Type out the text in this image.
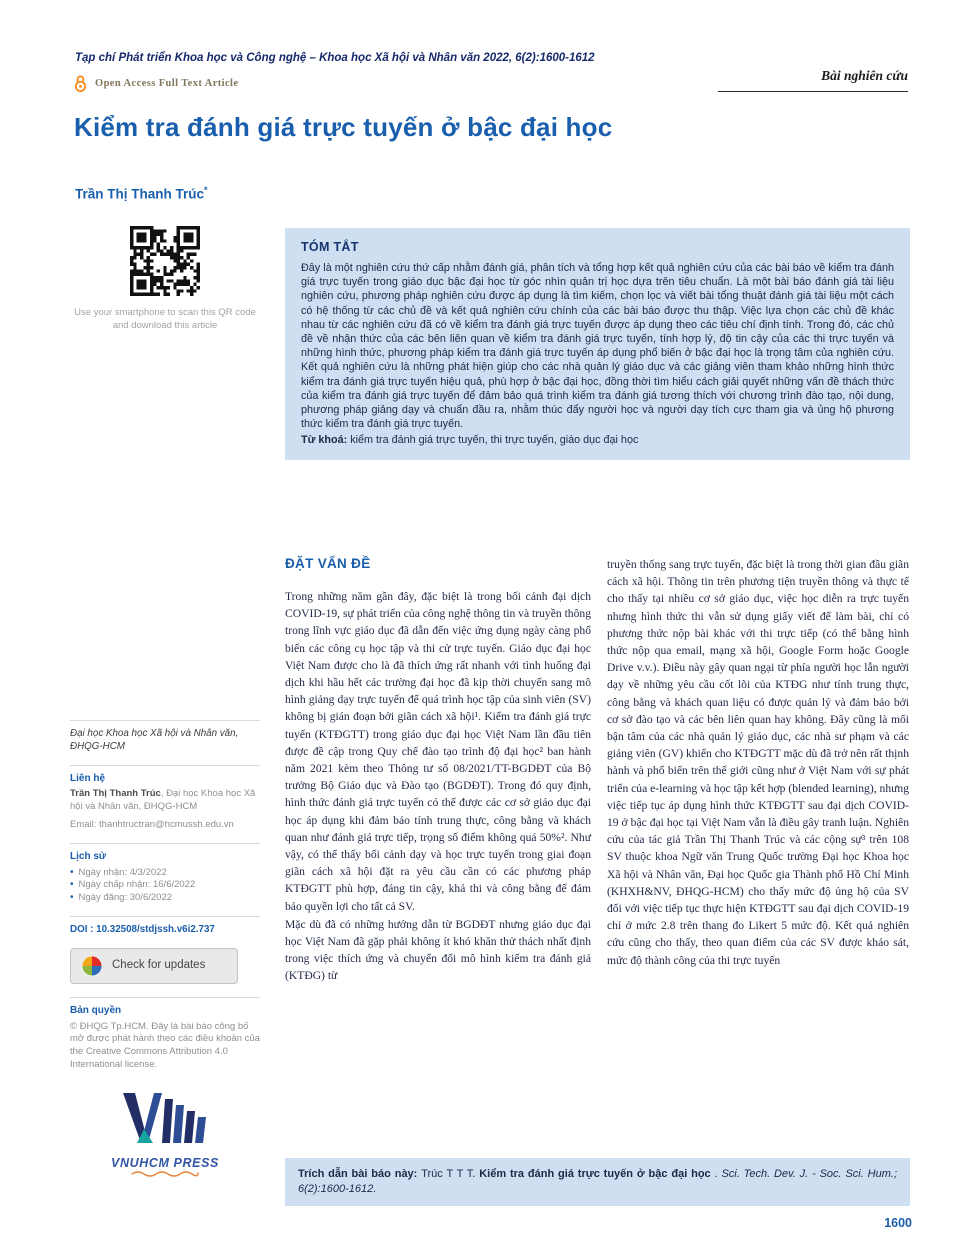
Tạp chí Phát triển Khoa học và Công nghệ – Khoa học Xã hội và Nhân văn 2022, 6(2):1600-1612
Open Access Full Text Article
Bài nghiên cứu
Kiểm tra đánh giá trực tuyến ở bậc đại học
Trần Thị Thanh Trúc*
Use your smartphone to scan this QR code and download this article
TÓM TẮT

Đây là một nghiên cứu thứ cấp nhằm đánh giá, phân tích và tổng hợp kết quả nghiên cứu của các bài báo về kiểm tra đánh giá trực tuyến trong giáo dục bậc đại học từ góc nhìn quản trị học dựa trên tiêu chuẩn. Là một bài báo đánh giá tài liệu nghiên cứu, phương pháp nghiên cứu được áp dụng là tìm kiếm, chọn lọc và viết bài tổng thuật đánh giá tài liệu một cách có hệ thống từ các chủ đề và kết quả nghiên cứu chính của các bài báo được thu thập. Việc lựa chọn các chủ đề khác nhau từ các nghiên cứu đã có về kiểm tra đánh giá trực tuyến được áp dụng theo các tiêu chí định tính. Trong đó, các chủ đề về nhận thức của các bên liên quan về kiểm tra đánh giá trực tuyến, tính hợp lý, độ tin cậy của các thi trực tuyến và những hình thức, phương pháp kiểm tra đánh giá trực tuyến áp dụng phổ biến ở bậc đại học là trọng tâm của nghiên cứu. Kết quả nghiên cứu là những phát hiện giúp cho các nhà quản lý giáo dục và các giảng viên tham khảo những hình thức kiểm tra đánh giá trực tuyến hiệu quả, phù hợp ở bậc đại học, đồng thời tìm hiểu cách giải quyết những vấn đề thách thức của kiểm tra đánh giá trực tuyến để đảm bảo quá trình kiểm tra đánh giá tương thích với chương trình đào tạo, nội dung, phương pháp giảng dạy và chuẩn đầu ra, nhằm thúc đẩy người học và người dạy tích cực tham gia và ủng hộ phương thức kiểm tra đánh giá trực tuyến.

Từ khoá: kiểm tra đánh giá trực tuyến, thi trực tuyến, giáo dục đại học
Đại học Khoa học Xã hội và Nhân văn, ĐHQG-HCM
Liên hệ
Trần Thị Thanh Trúc, Đại học Khoa học Xã hội và Nhân văn, ĐHQG-HCM
Email: thanhtructran@hcmussh.edu.vn
Lịch sử
• Ngày nhận: 4/3/2022
• Ngày chấp nhận: 16/6/2022
• Ngày đăng: 30/6/2022
DOI : 10.32508/stdjssh.v6i2.737
Check for updates
Bản quyền
© ĐHQG Tp.HCM. Đây là bài báo công bố mở được phát hành theo các điều khoản của the Creative Commons Attribution 4.0 International license.
VNUHCM PRESS
ĐẶT VẤN ĐỀ

Trong những năm gần đây, đặc biệt là trong bối cảnh đại dịch COVID-19, sự phát triển của công nghệ thông tin và truyền thông trong lĩnh vực giáo dục đã dẫn đến việc ứng dụng ngày càng phổ biến các công cụ học tập và thi cử trực tuyến. Giáo dục đại học Việt Nam được cho là đã thích ứng rất nhanh với tình huống đại dịch khi hầu hết các trường đại học đã kịp thời chuyển sang mô hình giảng dạy trực tuyến để quá trình học tập của sinh viên (SV) không bị gián đoạn bởi giãn cách xã hội¹. Kiểm tra đánh giá trực tuyến (KTĐGTT) trong giáo dục đại học Việt Nam lần đầu tiên được đề cập trong Quy chế đào tạo trình độ đại học² ban hành năm 2021 kèm theo Thông tư số 08/2021/TT-BGDĐT của Bộ trưởng Bộ Giáo dục và Đào tạo (BGDĐT). Trong đó quy định, hình thức đánh giá trực tuyến có thể được các cơ sở giáo dục đại học áp dụng khi đảm bảo tính trung thực, công bằng và khách quan như đánh giá trực tiếp, trọng số điểm không quá 50%². Như vậy, có thể thấy bối cảnh dạy và học trực tuyến trong giai đoạn giãn cách xã hội đặt ra yêu cầu cần có các phương pháp KTĐGTT phù hợp, đáng tin cậy, khả thi và công bằng để đảm bảo quyền lợi cho tất cả SV.

Mặc dù đã có những hướng dẫn từ BGDĐT nhưng giáo dục đại học Việt Nam đã gặp phải không ít khó khăn thử thách nhất định trong việc thích ứng và chuyển đổi mô hình kiểm tra đánh giá (KTĐG) từ

truyền thống sang trực tuyến, đặc biệt là trong thời gian đầu giãn cách xã hội. Thông tin trên phương tiện truyền thông và thực tế cho thấy tại nhiều cơ sở giáo dục, việc học diễn ra trực tuyến nhưng hình thức thi vẫn sử dụng giấy viết để làm bài, chỉ có phương thức nộp bài khác với thi trực tiếp (có thể bằng hình thức nộp qua email, mạng xã hội, Google Form hoặc Google Drive v.v.). Điều này gây quan ngại từ phía người học lẫn người dạy về những yêu cầu cốt lõi của KTĐG như tính trung thực, công bằng và khách quan liệu có được quản lý và đảm bảo bởi cơ sở đào tạo và các bên liên quan hay không. Đây cũng là mối bận tâm của các nhà quản lý giáo dục, các nhà sư phạm và các giảng viên (GV) khiến cho KTĐGTT mặc dù đã trở nên rất thịnh hành và phổ biến trên thế giới cũng như ở Việt Nam với sự phát triển của e-learning và học tập kết hợp (blended learning), nhưng việc tiếp tục áp dụng hình thức KTĐGTT sau đại dịch COVID-19 ở bậc đại học tại Việt Nam vẫn là điều gây tranh luận. Nghiên cứu của tác giả Trần Thị Thanh Trúc và các cộng sự³ trên 108 SV thuộc khoa Ngữ văn Trung Quốc trường Đại học Khoa học Xã hội và Nhân văn, Đại học Quốc gia Thành phố Hồ Chí Minh (KHXH&NV, ĐHQG-HCM) cho thấy mức độ ủng hộ của SV đối với việc tiếp tục thực hiện KTĐGTT sau đại dịch COVID-19 chỉ ở mức 2.8 trên thang đo Likert 5 mức độ. Kết quả nghiên cứu cũng cho thấy, theo quan điểm của các SV được khảo sát, mức độ thành công của thi trực tuyến

Trích dẫn bài báo này: Trúc T T T. Kiểm tra đánh giá trực tuyến ở bậc đại học . Sci. Tech. Dev. J. - Soc. Sci. Hum.; 6(2):1600-1612.
1600
